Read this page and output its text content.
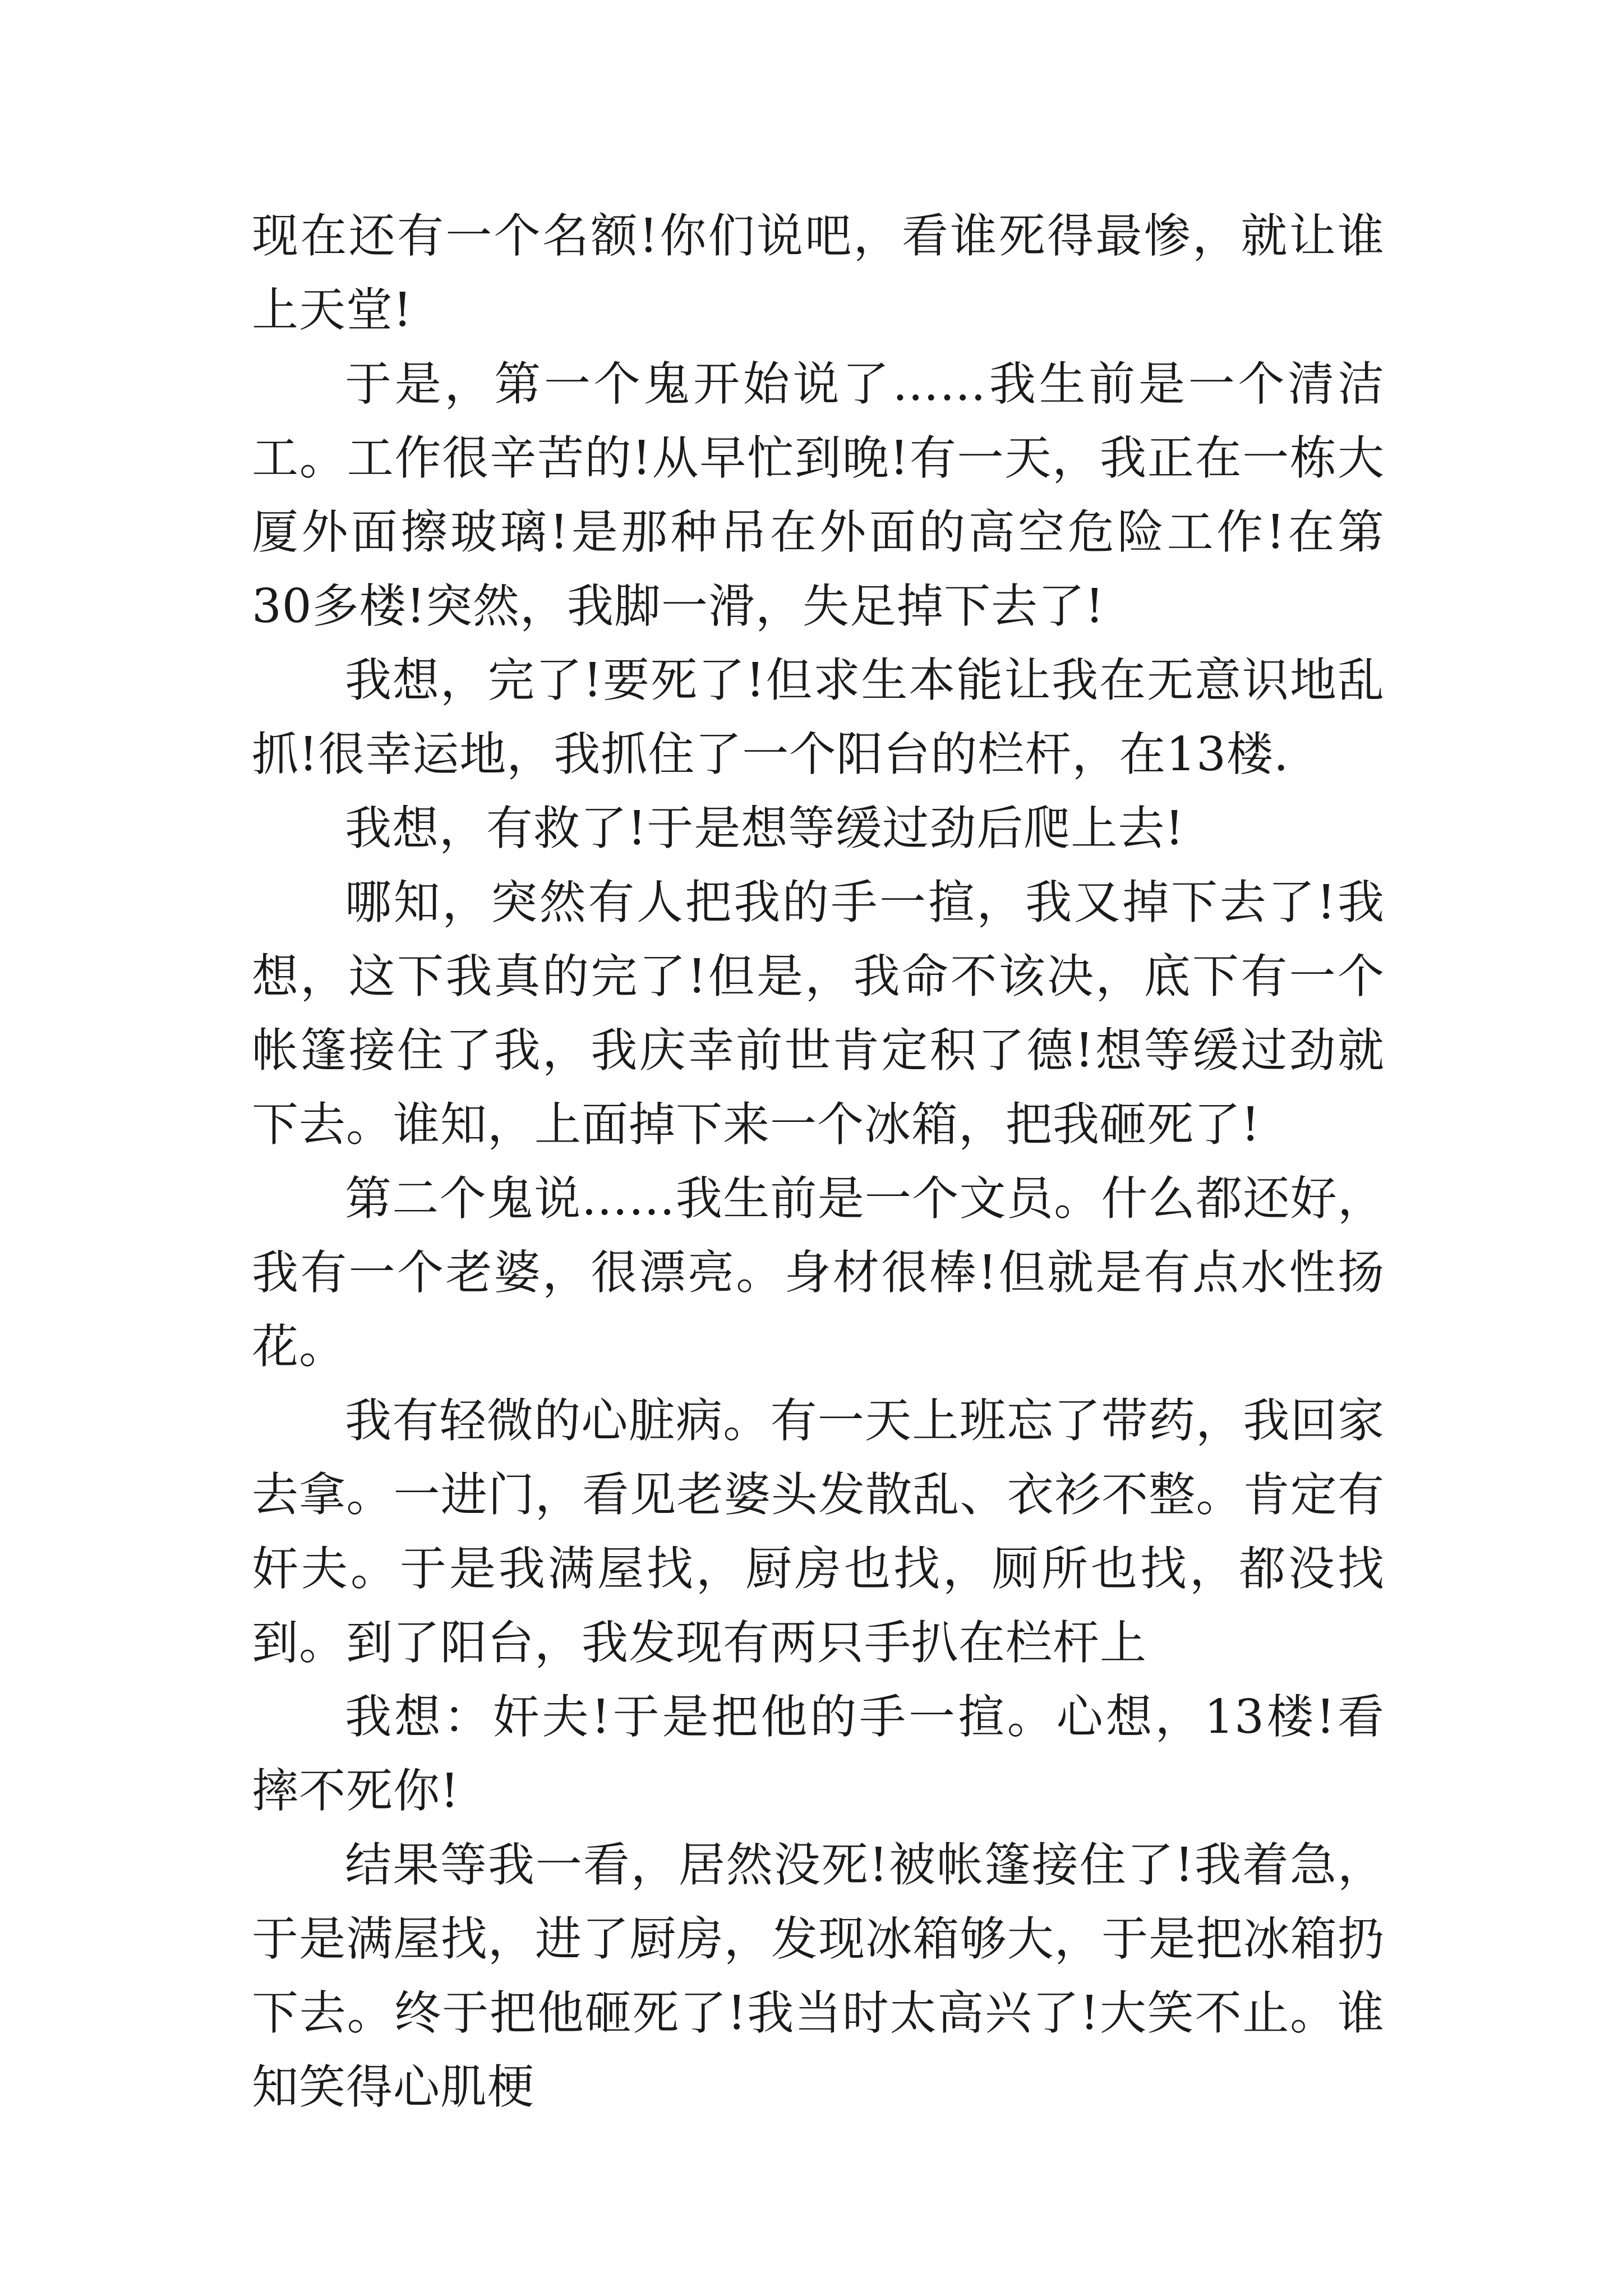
现在还有一个名额!你们说吧，看谁死得最惨，就让谁上天堂!

于是，第一个鬼开始说了……我生前是一个清洁工。工作很辛苦的!从早忙到晚!有一天，我正在一栋大厦外面擦玻璃!是那种吊在外面的高空危险工作!在第30多楼!突然，我脚一滑，失足掉下去了!

我想，完了!要死了!但求生本能让我在无意识地乱抓!很幸运地，我抓住了一个阳台的栏杆，在13楼.

我想，有救了!于是想等缓过劲后爬上去!

哪知，突然有人把我的手一揎，我又掉下去了!我想，这下我真的完了!但是，我命不该决，底下有一个帐篷接住了我，我庆幸前世肯定积了德!想等缓过劲就下去。谁知，上面掉下来一个冰箱，把我砸死了!

第二个鬼说……我生前是一个文员。什么都还好，我有一个老婆，很漂亮。身材很棒!但就是有点水性扬花。

我有轻微的心脏病。有一天上班忘了带药，我回家去拿。一进门，看见老婆头发散乱、衣衫不整。肯定有奸夫。于是我满屋找，厨房也找，厕所也找，都没找到。到了阳台，我发现有两只手扒在栏杆上

我想：奸夫!于是把他的手一揎。心想，13楼!看摔不死你!

结果等我一看，居然没死!被帐篷接住了!我着急，于是满屋找，进了厨房，发现冰箱够大，于是把冰箱扔下去。终于把他砸死了!我当时太高兴了!大笑不止。谁知笑得心肌梗
